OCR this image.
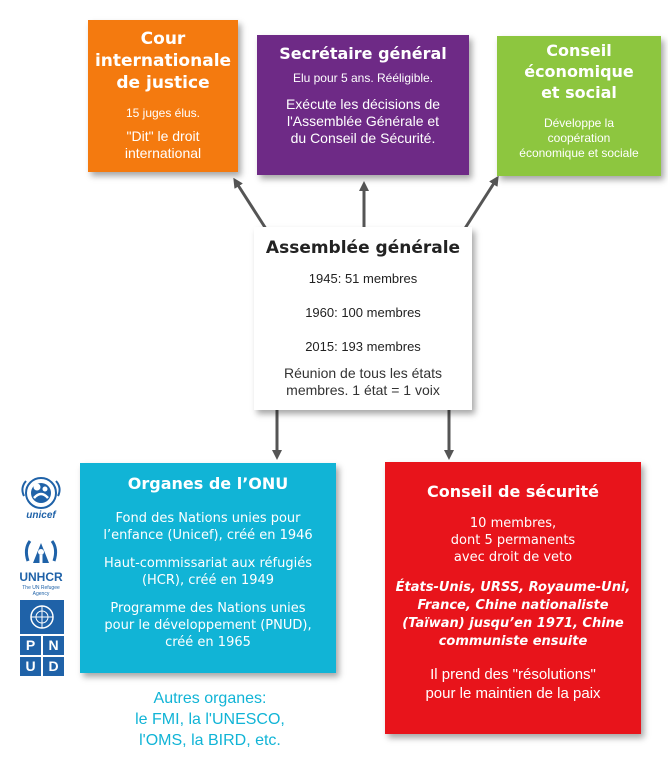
Cour
internationale
de justice
15 juges élus.
"Dit" le droit
international
Secrétaire général
Elu pour 5 ans. Rééligible.
Exécute les décisions de
l'Assemblée Générale et
du Conseil de Sécurité.
Conseil
économique
et social
Développe la
coopération
économique et sociale
Assemblée générale
1945: 51 membres
1960: 100 membres
2015: 193 membres
Réunion de tous les états
membres. 1 état = 1 voix
Organes de l’ONU
Fond des Nations unies pour
l’enfance (Unicef), créé en 1946
Haut-commissariat aux réfugiés
(HCR), créé en 1949
Programme des Nations unies
pour le développement (PNUD),
créé en 1965
Autres organes:
le FMI, la l'UNESCO,
l'OMS, la BIRD, etc.
Conseil de sécurité
10 membres,
dont 5 permanents
avec droit de veto
États-Unis, URSS, Royaume-Uni,
France, Chine nationaliste
(Taïwan) jusqu’en 1971, Chine
communiste ensuite
Il prend des "résolutions"
pour le maintien de la paix
unicef
UNHCR
The UN Refugee Agency
P N
U D
